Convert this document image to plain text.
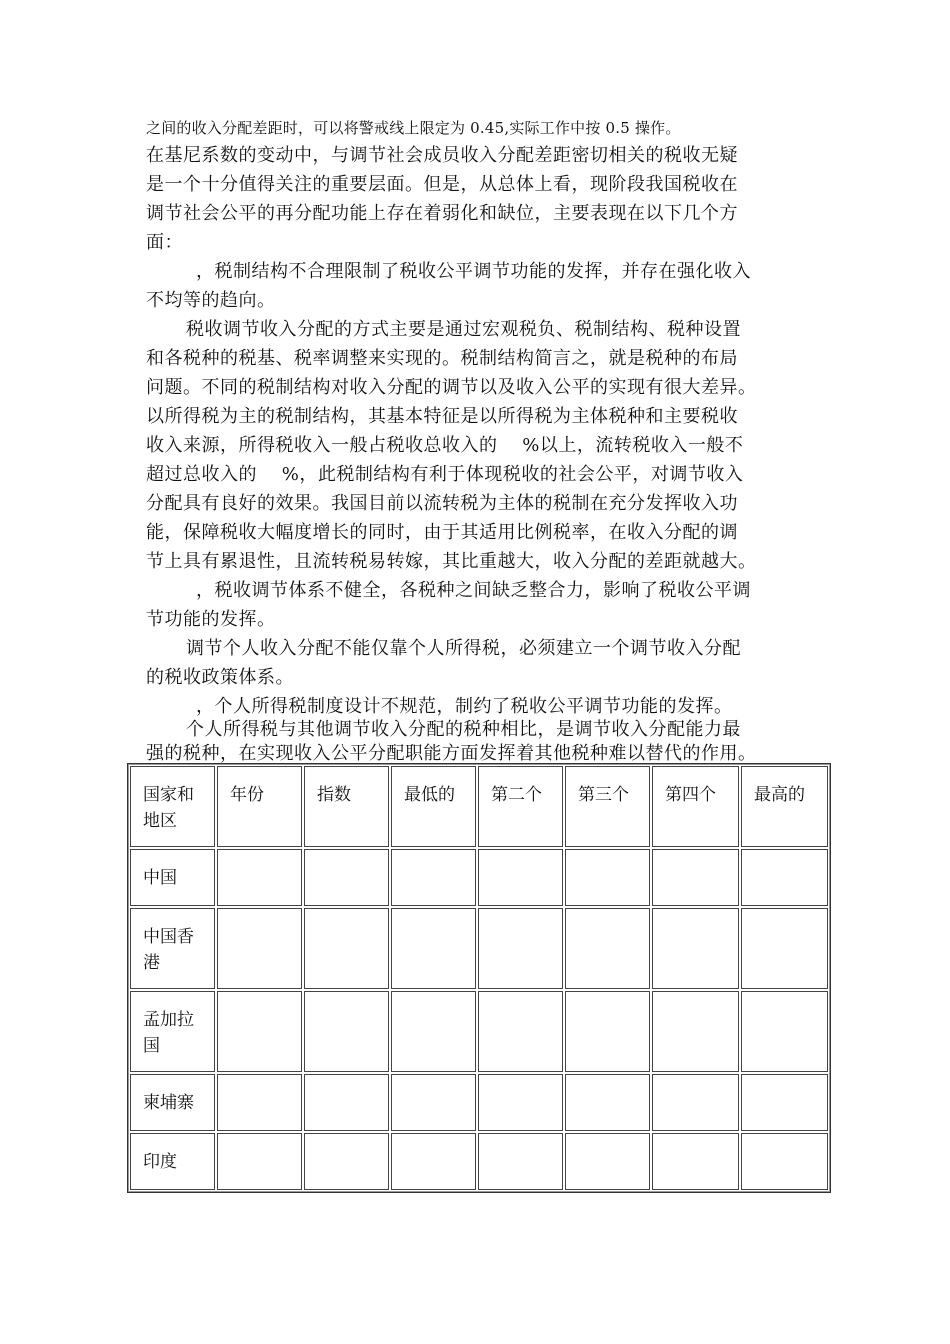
之间的收入分配差距时，可以将警戒线上限定为 0.45,实际工作中按 0.5 操作。
在基尼系数的变动中，与调节社会成员收入分配差距密切相关的税收无疑
是一个十分值得关注的重要层面。但是，从总体上看，现阶段我国税收在
调节社会公平的再分配功能上存在着弱化和缺位，主要表现在以下几个方
面：
，税制结构不合理限制了税收公平调节功能的发挥，并存在强化收入
不均等的趋向。
税收调节收入分配的方式主要是通过宏观税负、税制结构、税种设置
和各税种的税基、税率调整来实现的。税制结构简言之，就是税种的布局
问题。不同的税制结构对收入分配的调节以及收入公平的实现有很大差异。
以所得税为主的税制结构，其基本特征是以所得税为主体税种和主要税收
收入来源，所得税收入一般占税收总收入的　 %以上，流转税收入一般不
超过总收入的　 %，此税制结构有利于体现税收的社会公平，对调节收入
分配具有良好的效果。我国目前以流转税为主体的税制在充分发挥收入功
能，保障税收大幅度增长的同时，由于其适用比例税率，在收入分配的调
节上具有累退性，且流转税易转嫁，其比重越大，收入分配的差距就越大。
，税收调节体系不健全，各税种之间缺乏整合力，影响了税收公平调
节功能的发挥。
调节个人收入分配不能仅靠个人所得税，必须建立一个调节收入分配
的税收政策体系。
，个人所得税制度设计不规范，制约了税收公平调节功能的发挥。
个人所得税与其他调节收入分配的税种相比，是调节收入分配能力最
强的税种，在实现收入公平分配职能方面发挥着其他税种难以替代的作用。
国家和地区	年份	指数	最低的	第二个	第三个	第四个	最高的
中国							
中国香港							
孟加拉国							
柬埔寨							
印度							
